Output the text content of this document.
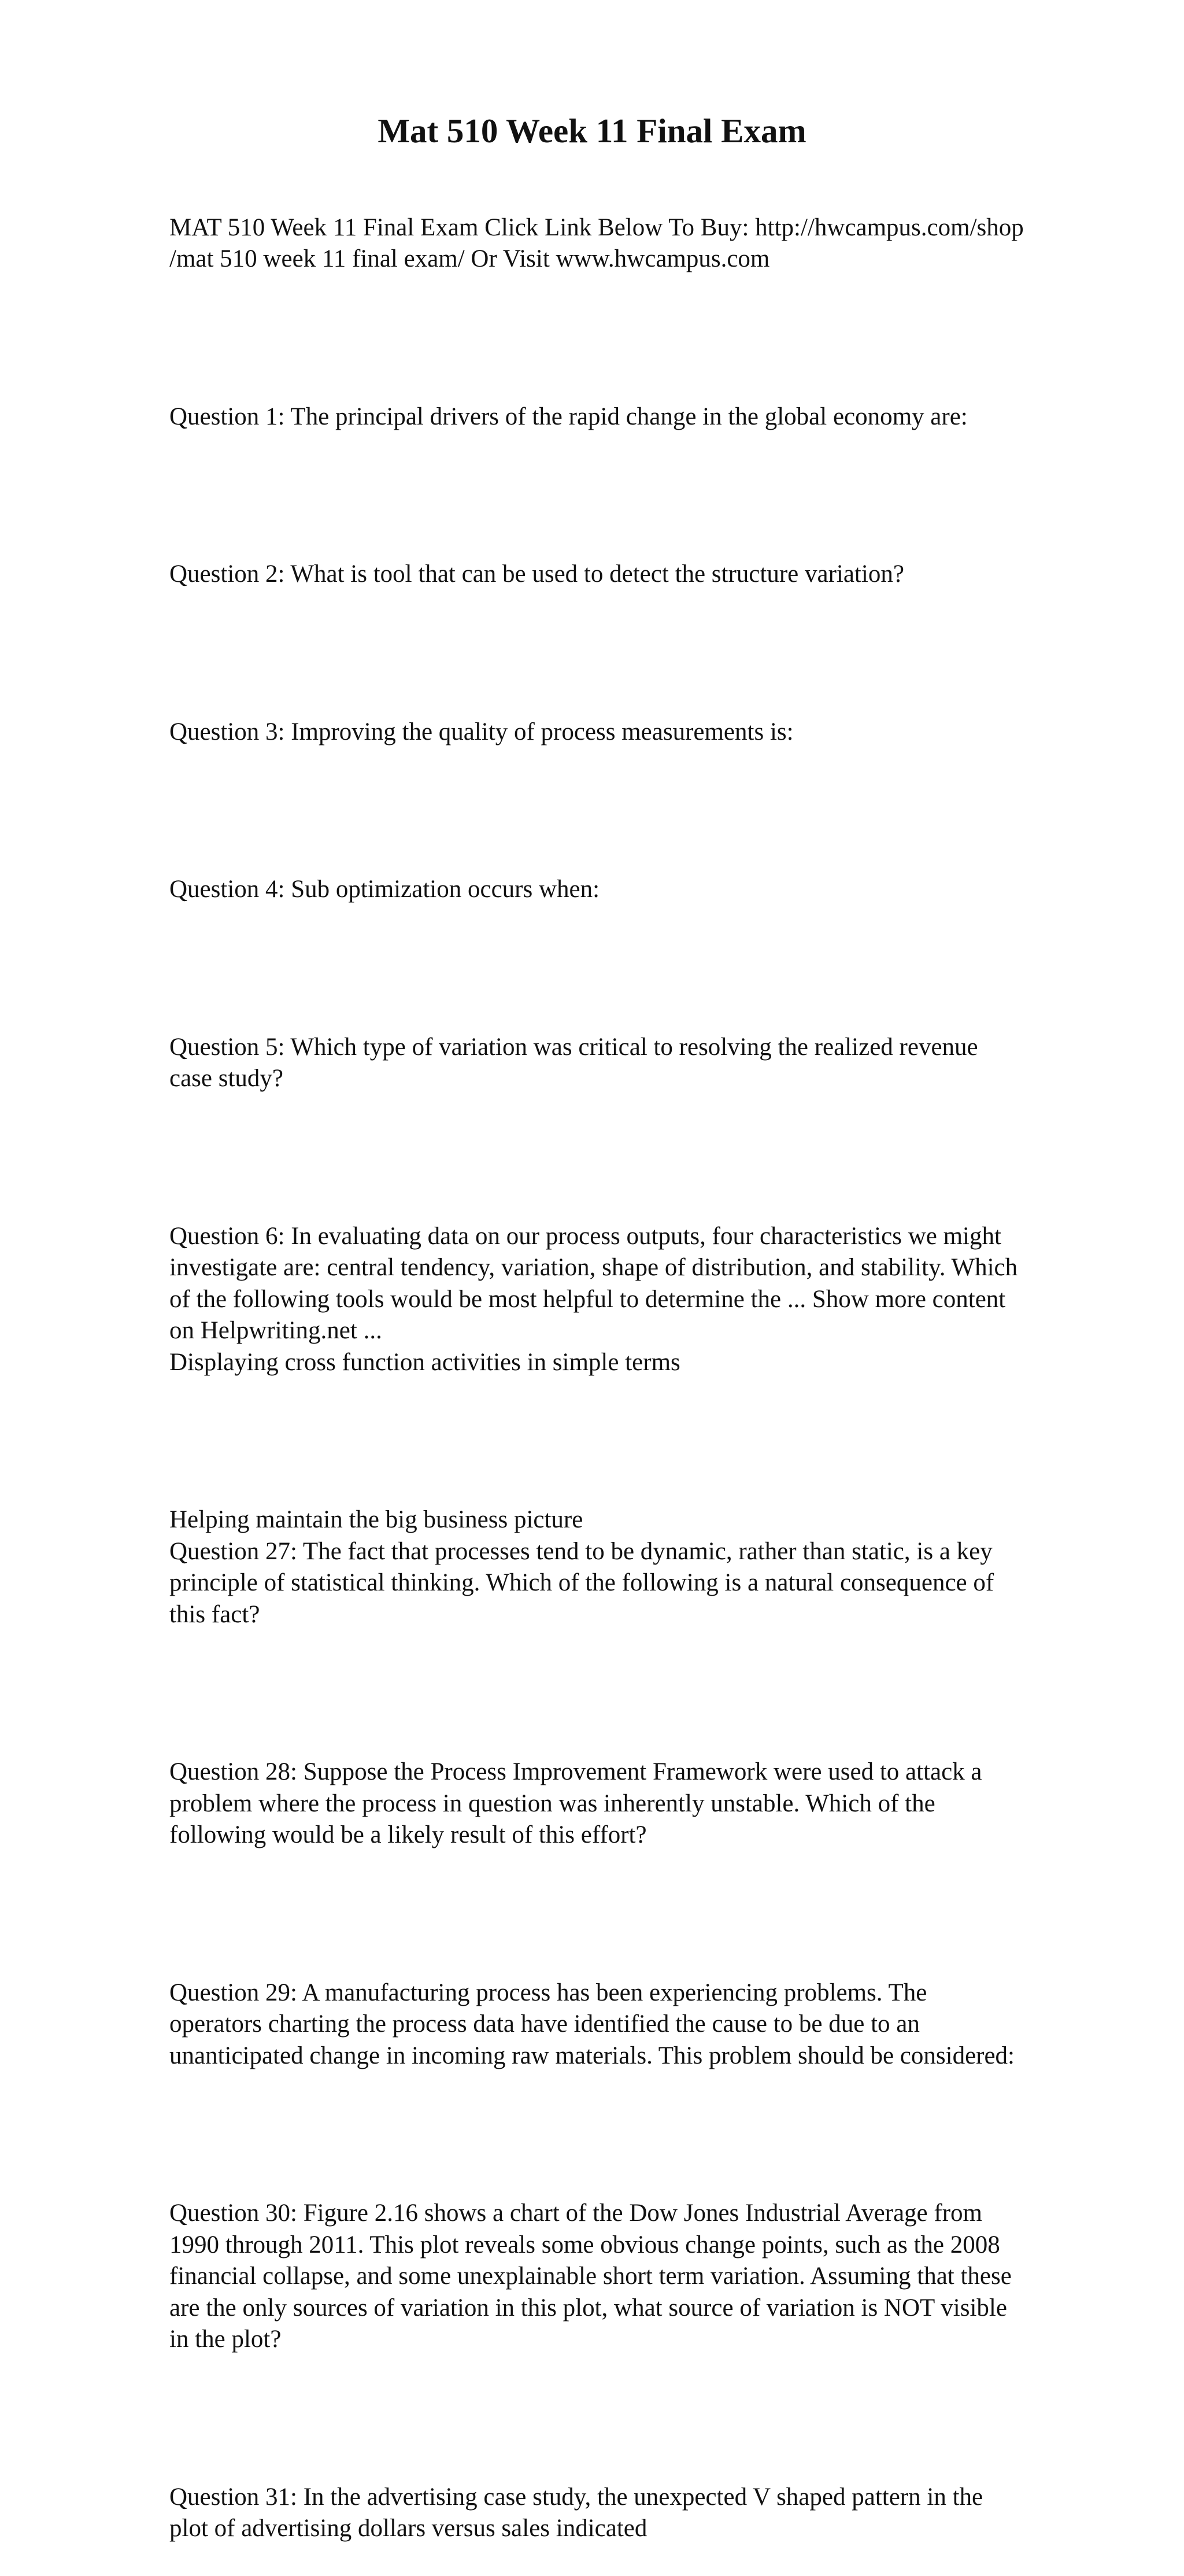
Mat 510 Week 11 Final Exam

MAT 510 Week 11 Final Exam Click Link Below To Buy: http://hwcampus.com/shop
/mat 510 week 11 final exam/ Or Visit www.hwcampus.com

Question 1: The principal drivers of the rapid change in the global economy are:

Question 2: What is tool that can be used to detect the structure variation?

Question 3: Improving the quality of process measurements is:

Question 4: Sub optimization occurs when:

Question 5: Which type of variation was critical to resolving the realized revenue
case study?

Question 6: In evaluating data on our process outputs, four characteristics we might
investigate are: central tendency, variation, shape of distribution, and stability. Which
of the following tools would be most helpful to determine the ... Show more content
on Helpwriting.net ...
Displaying cross function activities in simple terms

Helping maintain the big business picture
Question 27: The fact that processes tend to be dynamic, rather than static, is a key
principle of statistical thinking. Which of the following is a natural consequence of
this fact?

Question 28: Suppose the Process Improvement Framework were used to attack a
problem where the process in question was inherently unstable. Which of the
following would be a likely result of this effort?

Question 29: A manufacturing process has been experiencing problems. The
operators charting the process data have identified the cause to be due to an
unanticipated change in incoming raw materials. This problem should be considered:

Question 30: Figure 2.16 shows a chart of the Dow Jones Industrial Average from
1990 through 2011. This plot reveals some obvious change points, such as the 2008
financial collapse, and some unexplainable short term variation. Assuming that these
are the only sources of variation in this plot, what source of variation is NOT visible
in the plot?

Question 31: In the advertising case study, the unexpected V shaped pattern in the
plot of advertising dollars versus sales indicated
